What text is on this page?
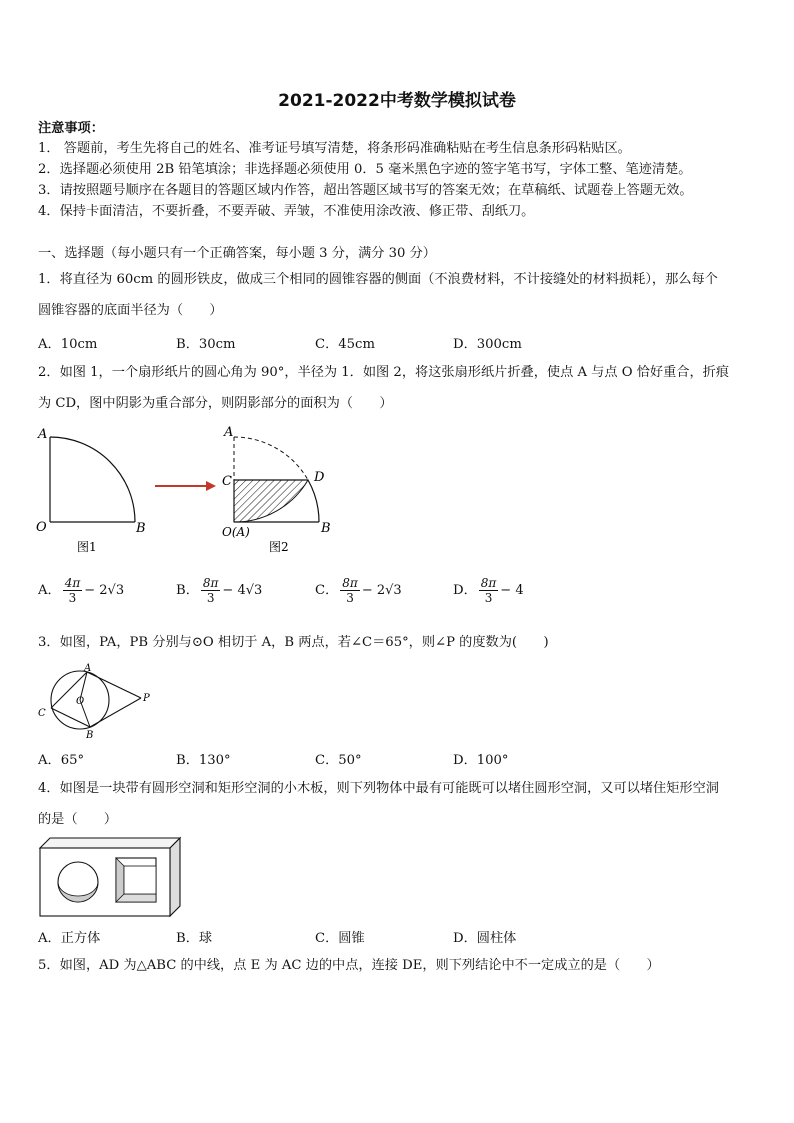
2021-2022中考数学模拟试卷
注意事项：
1． 答题前，考生先将自己的姓名、准考证号填写清楚，将条形码准确粘贴在考生信息条形码粘贴区。
2．选择题必须使用 2B 铅笔填涂；非选择题必须使用 0．5 毫米黑色字迹的签字笔书写，字体工整、笔迹清楚。
3．请按照题号顺序在各题目的答题区域内作答，超出答题区域书写的答案无效；在草稿纸、试题卷上答题无效。
4．保持卡面清洁，不要折叠，不要弄破、弄皱，不准使用涂改液、修正带、刮纸刀。
一、选择题（每小题只有一个正确答案，每小题 3 分，满分 30 分）
1．将直径为 60cm 的圆形铁皮，做成三个相同的圆锥容器的侧面（不浪费材料，不计接缝处的材料损耗），那么每个
圆锥容器的底面半径为（　　）
A．10cm	B．30cm	C．45cm	D．300cm
2．如图 1，一个扇形纸片的圆心角为 90°，半径为 1．如图 2，将这张扇形纸片折叠，使点 A 与点 O 恰好重合，折痕
为 CD，图中阴影为重合部分，则阴影部分的面积为（　　）
A
O	B
图1
A
C	D
O(A)	B
图2
A． $\frac{4\pi}{3} - 2√3$	B． $\frac{8\pi}{3} - 4√3$	C． $\frac{8\pi}{3} - 2√3$	D． $\frac{8\pi}{3} - 4$
3．如图，PA，PB 分别与⊙O 相切于 A，B 两点，若∠C＝65°，则∠P 的度数为(　　)
A
B
C
O	P
A．65°	B．130°	C．50°	D．100°
4．如图是一块带有圆形空洞和矩形空洞的小木板，则下列物体中最有可能既可以堵住圆形空洞，又可以堵住矩形空洞
的是（　　）
A．正方体	B．球	C．圆锥	D．圆柱体
5．如图，AD 为△ABC 的中线，点 E 为 AC 边的中点，连接 DE，则下列结论中不一定成立的是（　　）
